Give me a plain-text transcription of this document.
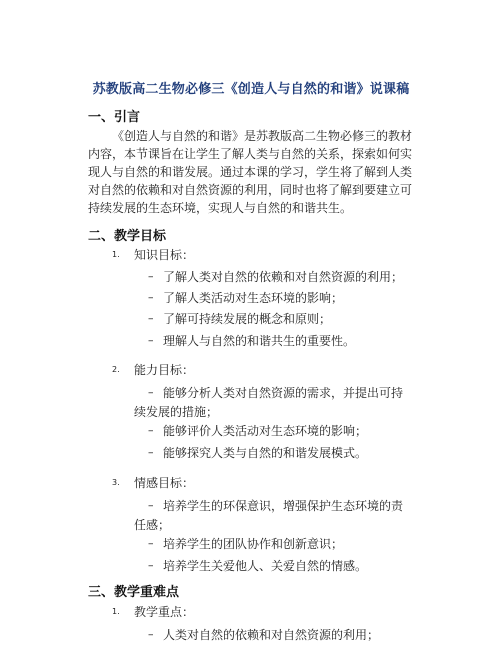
苏教版高二生物必修三《创造人与自然的和谐》说课稿
一、引言
《创造人与自然的和谐》是苏教版高二生物必修三的教材
内容，本节课旨在让学生了解人类与自然的关系，探索如何实
现人与自然的和谐发展。通过本课的学习，学生将了解到人类
对自然的依赖和对自然资源的利用，同时也将了解到要建立可
持续发展的生态环境，实现人与自然的和谐共生。
二、教学目标
1. 知识目标：
– 了解人类对自然的依赖和对自然资源的利用；
– 了解人类活动对生态环境的影响；
– 了解可持续发展的概念和原则；
– 理解人与自然的和谐共生的重要性。
2. 能力目标：
– 能够分析人类对自然资源的需求，并提出可持
续发展的措施；
– 能够评价人类活动对生态环境的影响；
– 能够探究人类与自然的和谐发展模式。
3. 情感目标：
– 培养学生的环保意识，增强保护生态环境的责
任感；
– 培养学生的团队协作和创新意识；
– 培养学生关爱他人、关爱自然的情感。
三、教学重难点
1. 教学重点：
– 人类对自然的依赖和对自然资源的利用；
